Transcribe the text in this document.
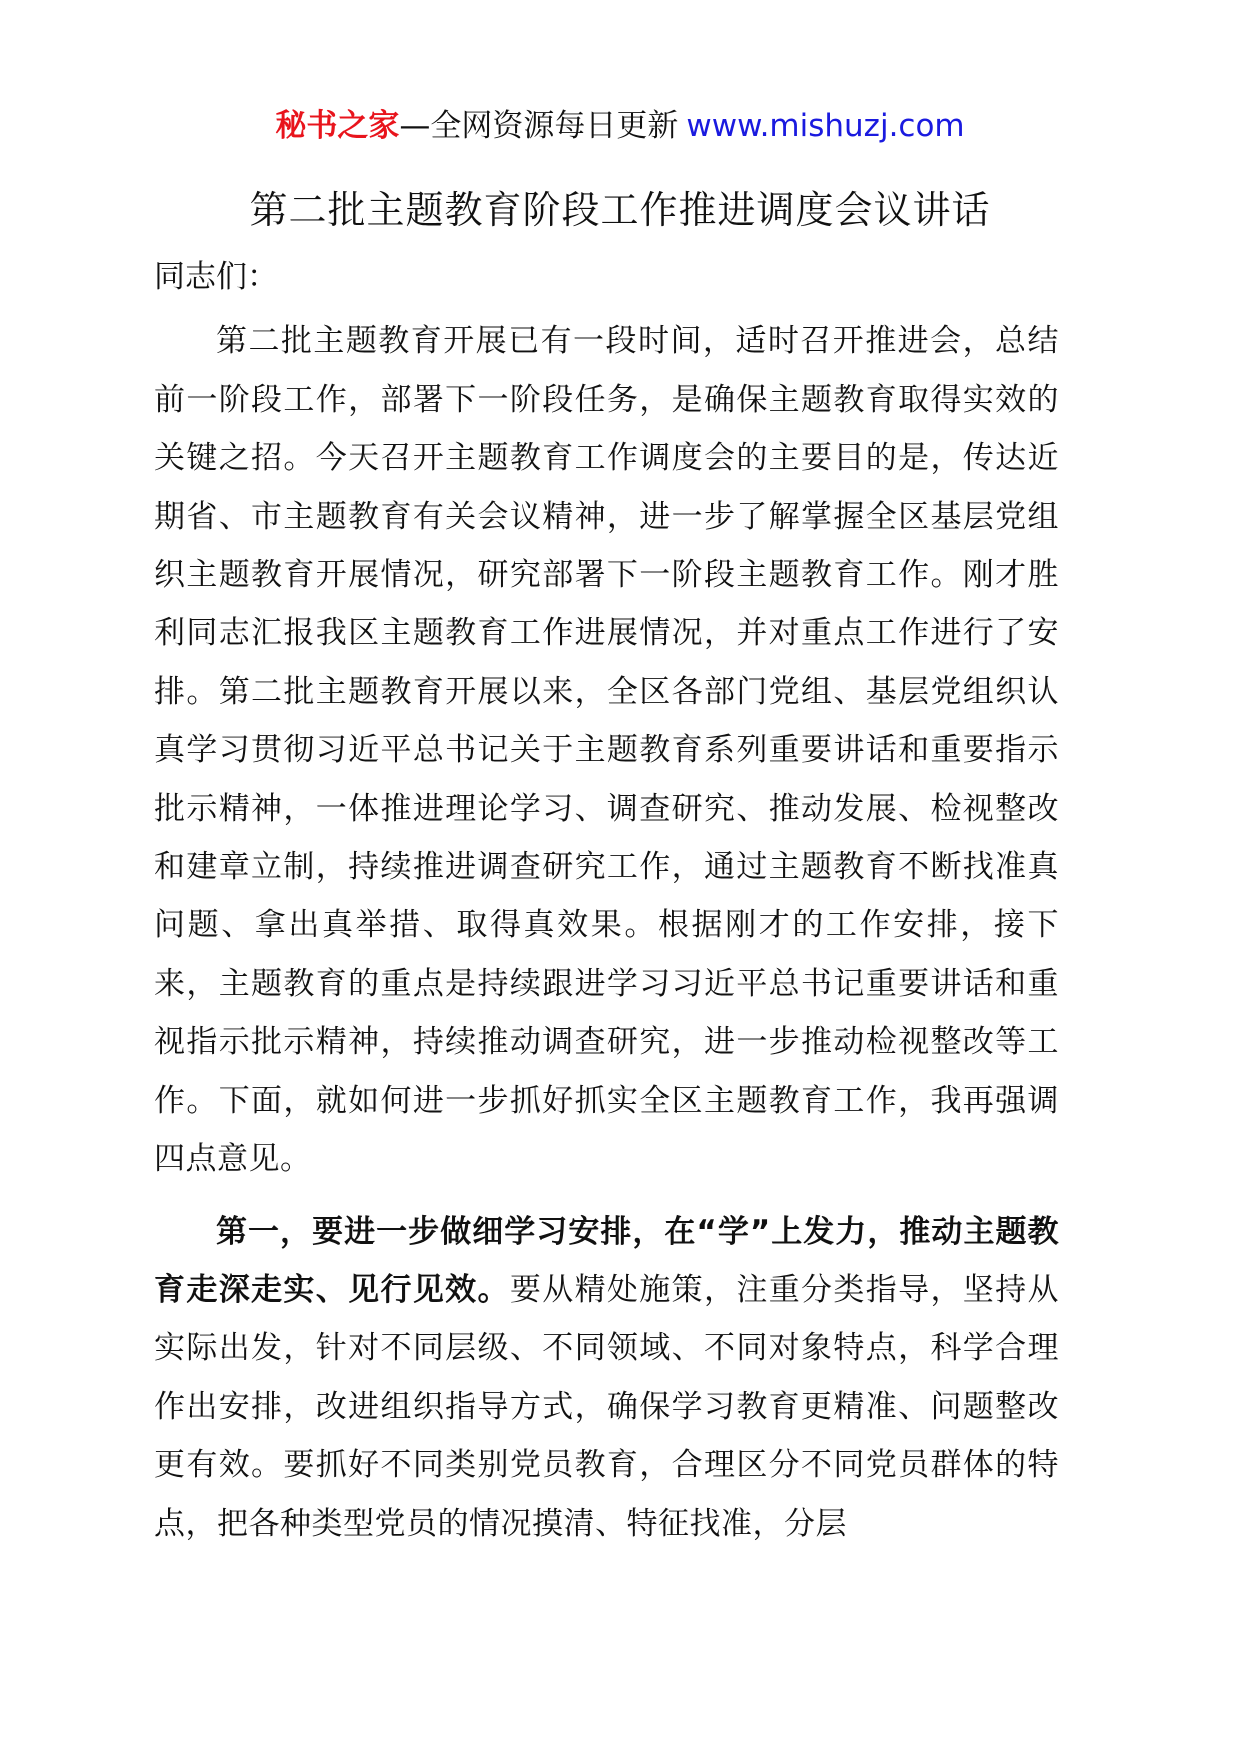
秘书之家—全网资源每日更新 www.mishuzj.com
第二批主题教育阶段工作推进调度会议讲话

同志们：

第二批主题教育开展已有一段时间，适时召开推进会，总结前一阶段工作，部署下一阶段任务，是确保主题教育取得实效的关键之招。今天召开主题教育工作调度会的主要目的是，传达近期省、市主题教育有关会议精神，进一步了解掌握全区基层党组织主题教育开展情况，研究部署下一阶段主题教育工作。刚才胜利同志汇报我区主题教育工作进展情况，并对重点工作进行了安排。第二批主题教育开展以来，全区各部门党组、基层党组织认真学习贯彻习近平总书记关于主题教育系列重要讲话和重要指示批示精神，一体推进理论学习、调查研究、推动发展、检视整改和建章立制，持续推进调查研究工作，通过主题教育不断找准真问题、拿出真举措、取得真效果。根据刚才的工作安排，接下来，主题教育的重点是持续跟进学习习近平总书记重要讲话和重视指示批示精神，持续推动调查研究，进一步推动检视整改等工作。下面，就如何进一步抓好抓实全区主题教育工作，我再强调四点意见。

第一，要进一步做细学习安排，在“学”上发力，推动主题教育走深走实、见行见效。要从精处施策，注重分类指导，坚持从实际出发，针对不同层级、不同领域、不同对象特点，科学合理作出安排，改进组织指导方式，确保学习教育更精准、问题整改更有效。要抓好不同类别党员教育，合理区分不同党员群体的特点，把各种类型党员的情况摸清、特征找准，分层
